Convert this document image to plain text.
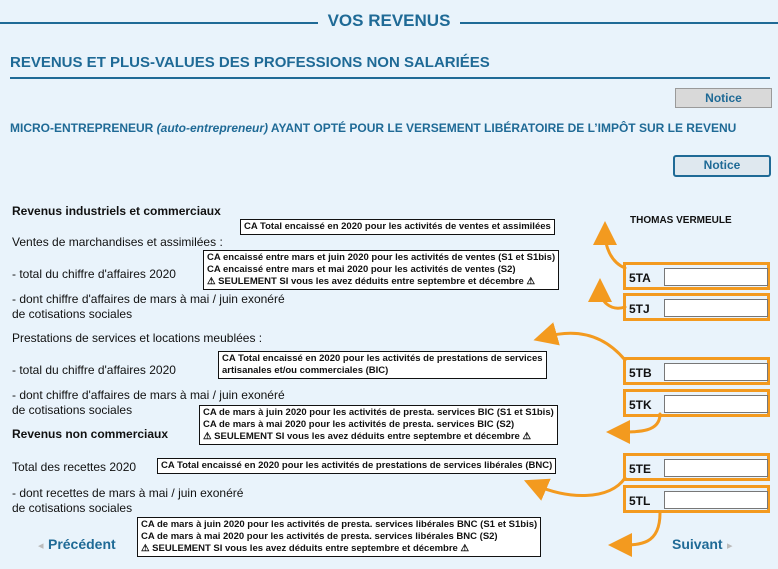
VOS REVENUS
REVENUS ET PLUS-VALUES DES PROFESSIONS NON SALARIÉES
Notice
MICRO-ENTREPRENEUR (auto-entrepreneur) AYANT OPTÉ POUR LE VERSEMENT LIBÉRATOIRE DE L’IMPÔT SUR LE REVENU
Notice
THOMAS VERMEULE
Revenus industriels et commerciaux
Ventes de marchandises et assimilées :
- total du chiffre d'affaires 2020
- dont chiffre d'affaires de mars à mai / juin exonéré
de cotisations sociales
Prestations de services et locations meublées :
- total du chiffre d'affaires 2020
- dont chiffre d'affaires de mars à mai / juin exonéré
de cotisations sociales
Revenus non commerciaux
Total des recettes 2020
- dont recettes de mars à mai / juin exonéré
de cotisations sociales
CA Total encaissé en 2020 pour les activités de ventes et assimilées
CA encaissé entre mars et juin 2020 pour les activités de ventes (S1 et S1bis)
CA encaissé entre mars et mai 2020 pour les activités de ventes (S2)
⚠ SEULEMENT SI vous les avez déduits entre septembre et décembre ⚠
CA Total encaissé en 2020 pour les activités de prestations de services
artisanales et/ou commerciales (BIC)
CA de mars à juin 2020 pour les activités de presta. services BIC (S1 et S1bis)
CA de mars à mai 2020 pour les activités de presta. services BIC (S2)
⚠ SEULEMENT SI vous les avez déduits entre septembre et décembre ⚠
CA Total encaissé en 2020 pour les activités de prestations de services libérales (BNC)
CA de mars à juin 2020 pour les activités de presta. services libérales BNC (S1 et S1bis)
CA de mars à mai 2020 pour les activités de presta. services libérales BNC (S2)
⚠ SEULEMENT SI vous les avez déduits entre septembre et décembre ⚠
5TA
5TJ
5TB
5TK
5TE
5TL
◂ Précédent	Suivant ▸
